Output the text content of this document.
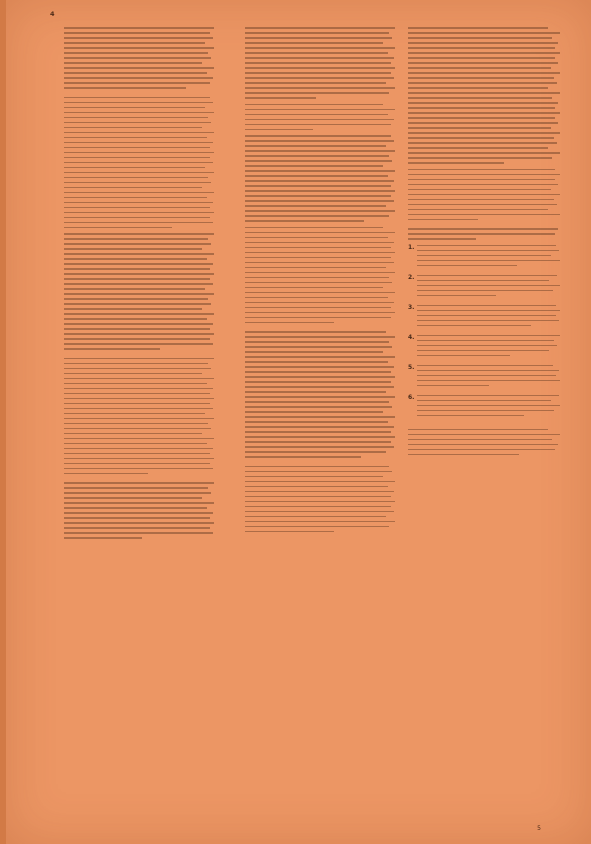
4
1.
2.
3.
4.
5.
6.
5
